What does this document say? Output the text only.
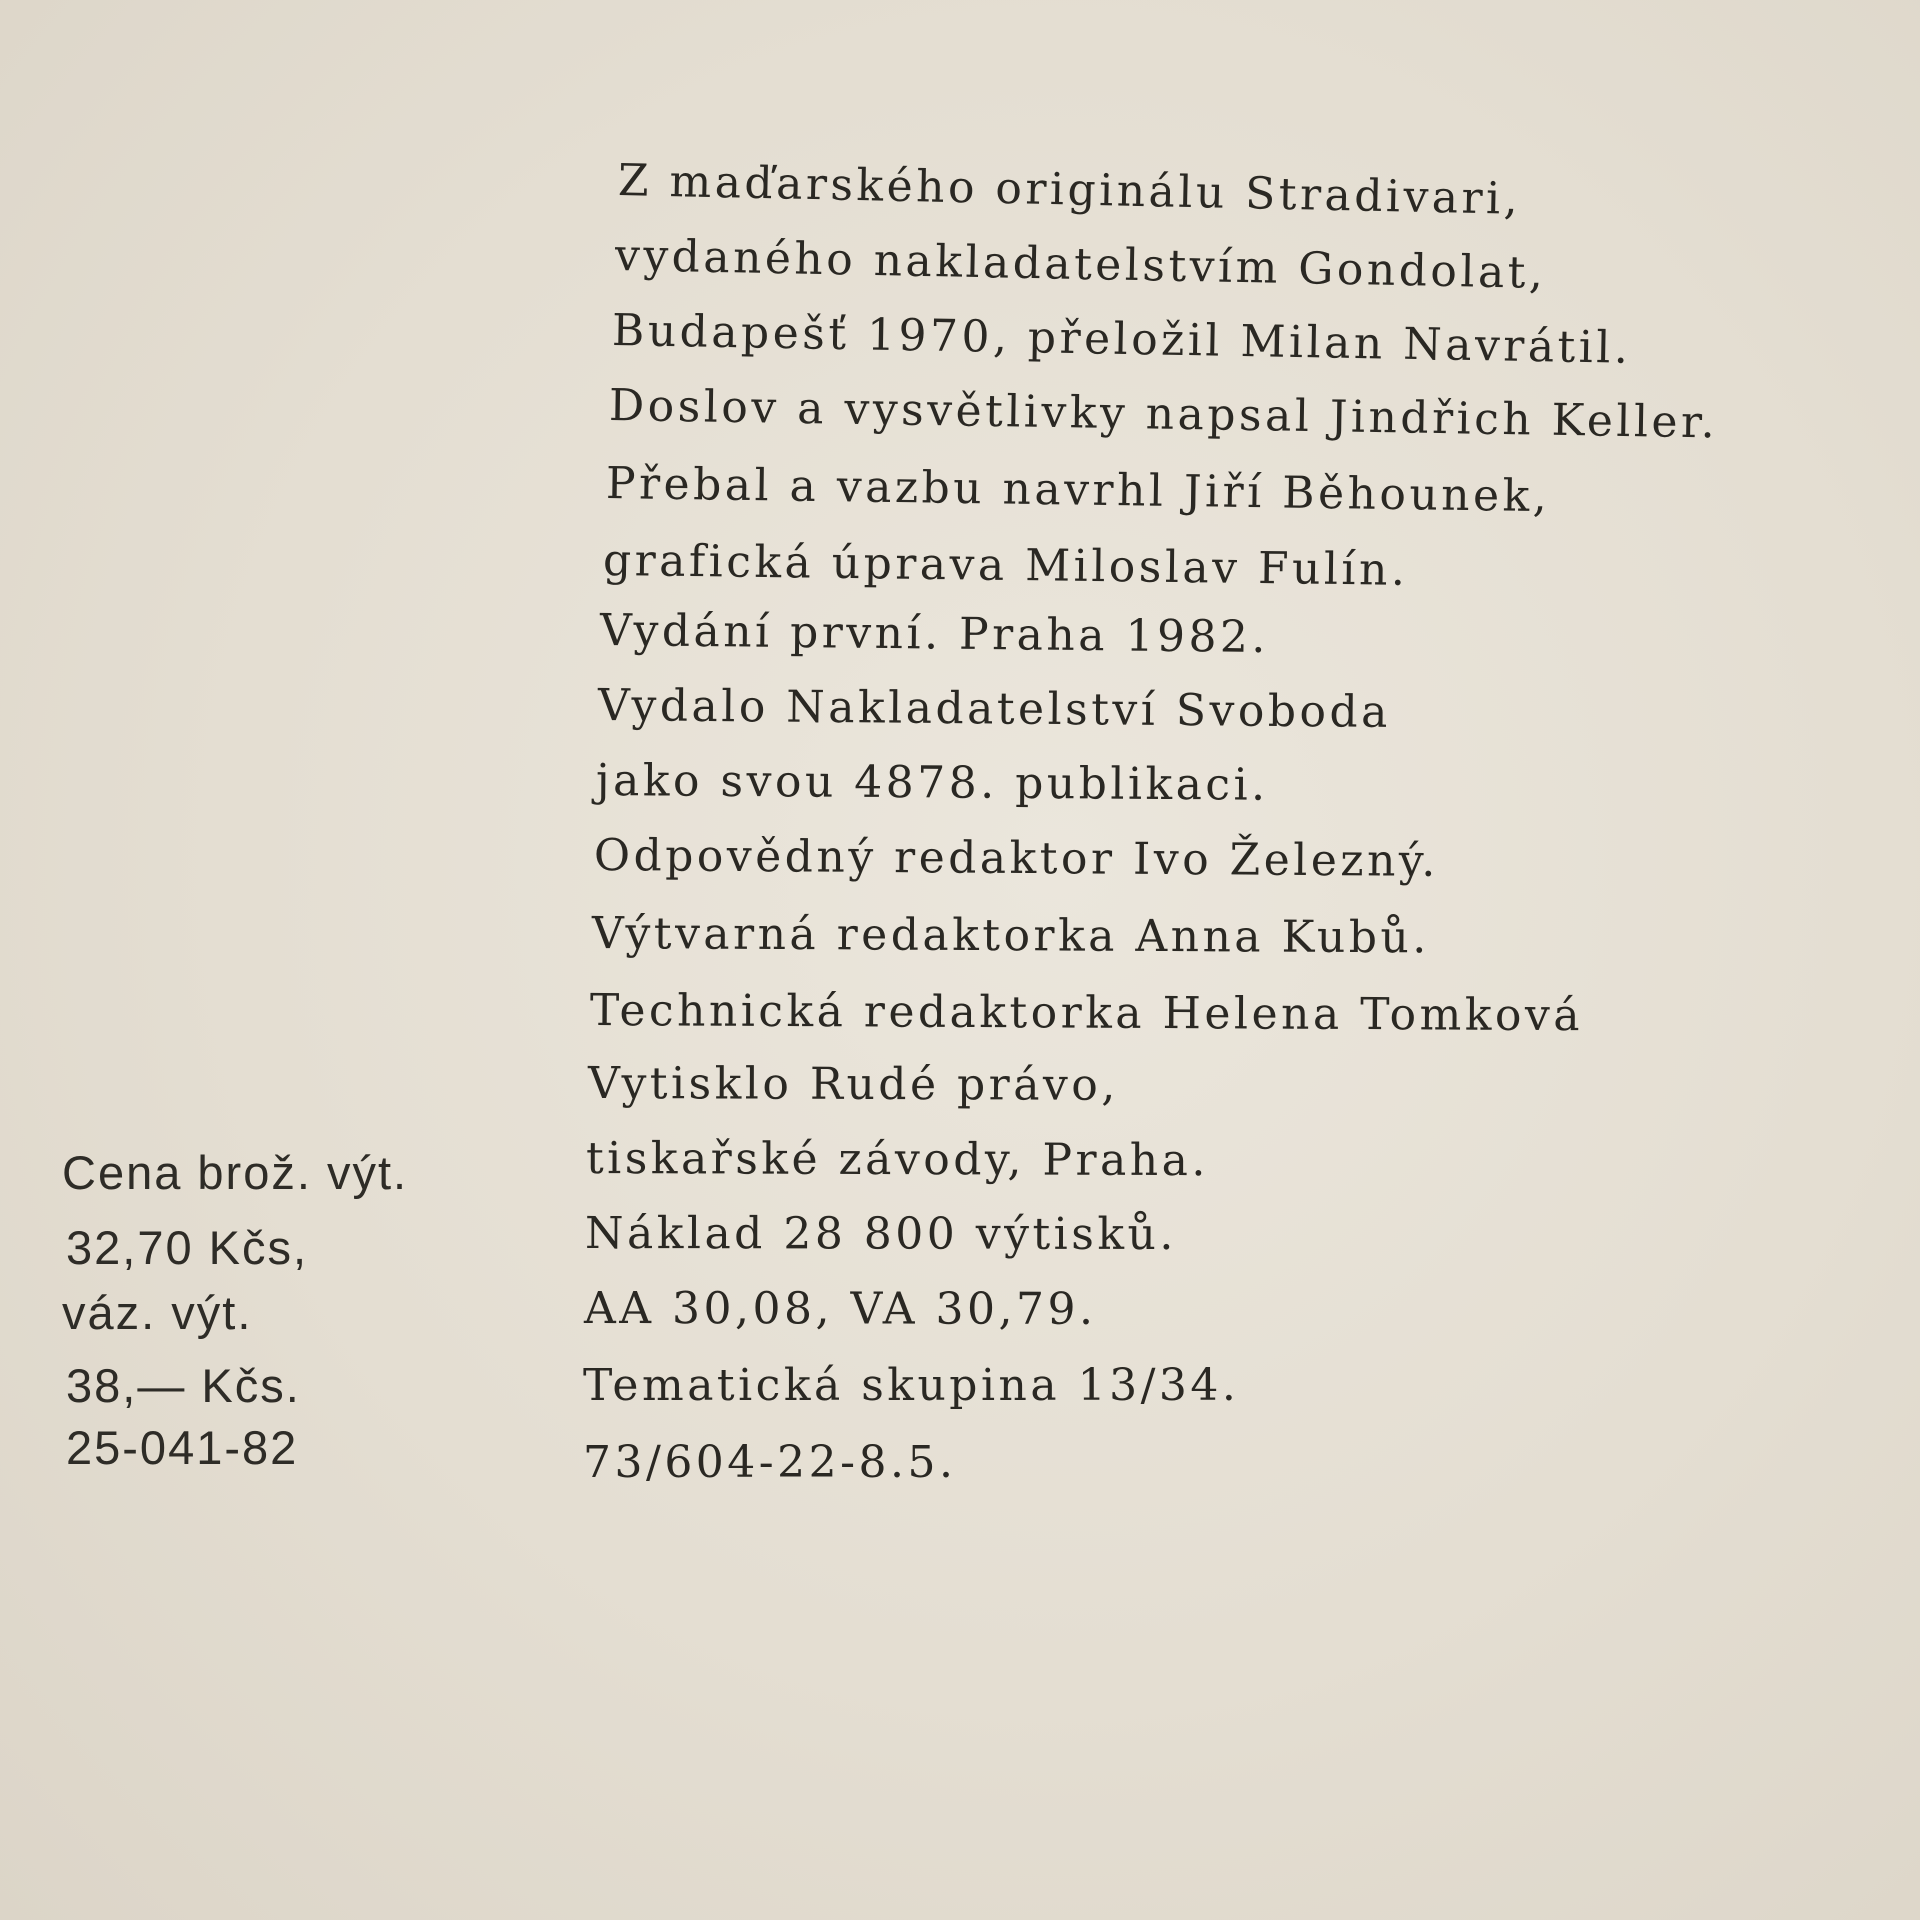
Z maďarského originálu Stradivari,
vydaného nakladatelstvím Gondolat,
Budapešť 1970, přeložil Milan Navrátil.
Doslov a vysvětlivky napsal Jindřich Keller.
Přebal a vazbu navrhl Jiří Běhounek,
grafická úprava Miloslav Fulín.
Vydání první. Praha 1982.
Vydalo Nakladatelství Svoboda
jako svou 4878. publikaci.
Odpovědný redaktor Ivo Železný.
Výtvarná redaktorka Anna Kubů.
Technická redaktorka Helena Tomková
Vytisklo Rudé právo,
tiskařské závody, Praha.
Náklad 28 800 výtisků.
AA 30,08, VA 30,79.
Tematická skupina 13/34.
73/604-22-8.5.
Cena brož. výt.
32,70 Kčs,
váz. výt.
38,— Kčs.
25-041-82
